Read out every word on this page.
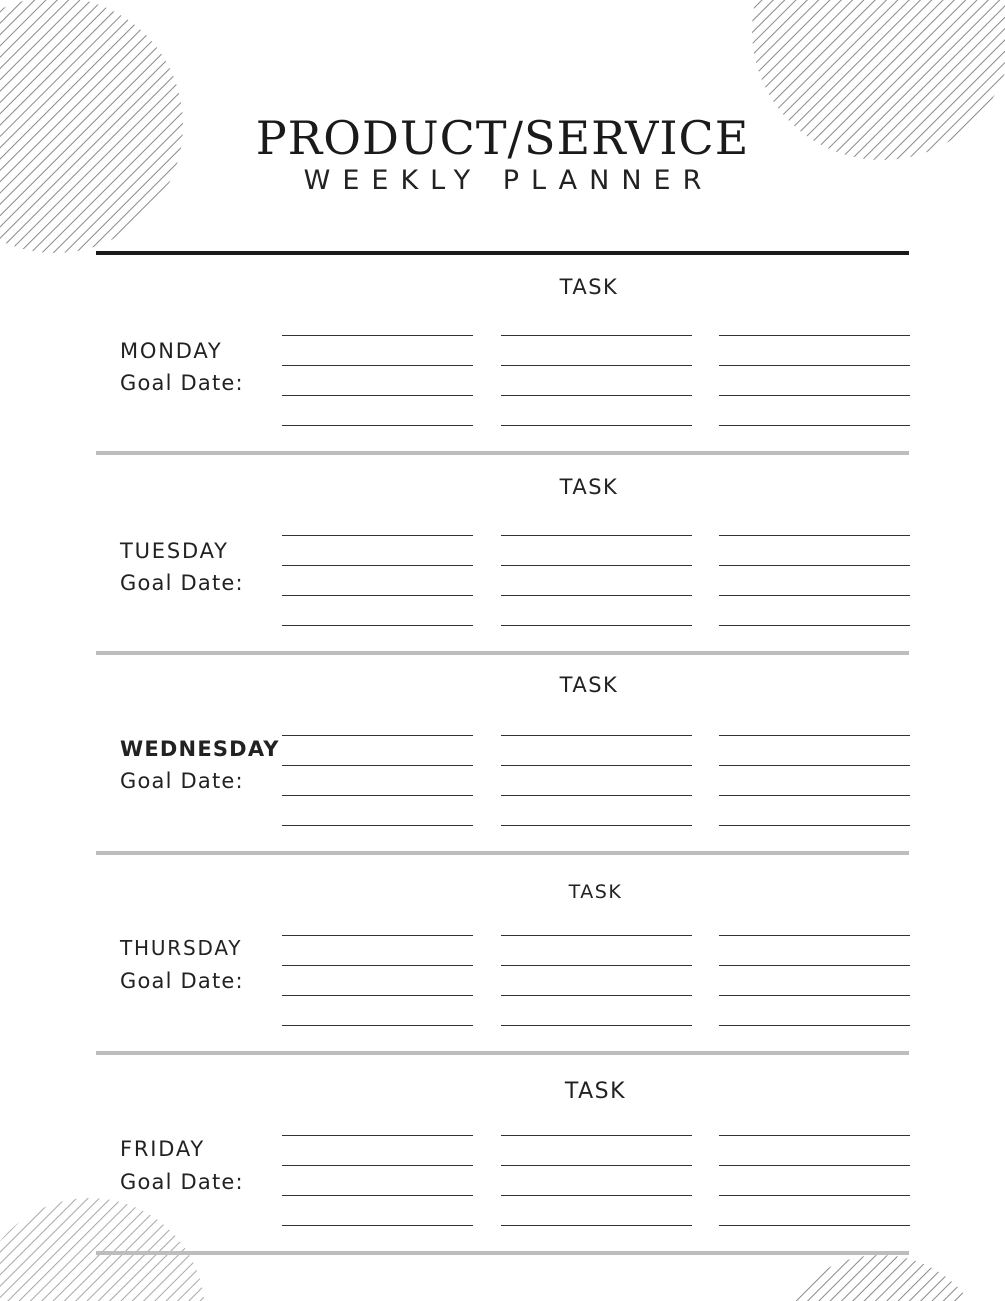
PRODUCT/SERVICE
WEEKLY PLANNER
TASK
MONDAY
Goal Date:
TASK
TUESDAY
Goal Date:
TASK
WEDNESDAY
Goal Date:
TASK
THURSDAY
Goal Date:
TASK
FRIDAY
Goal Date:
